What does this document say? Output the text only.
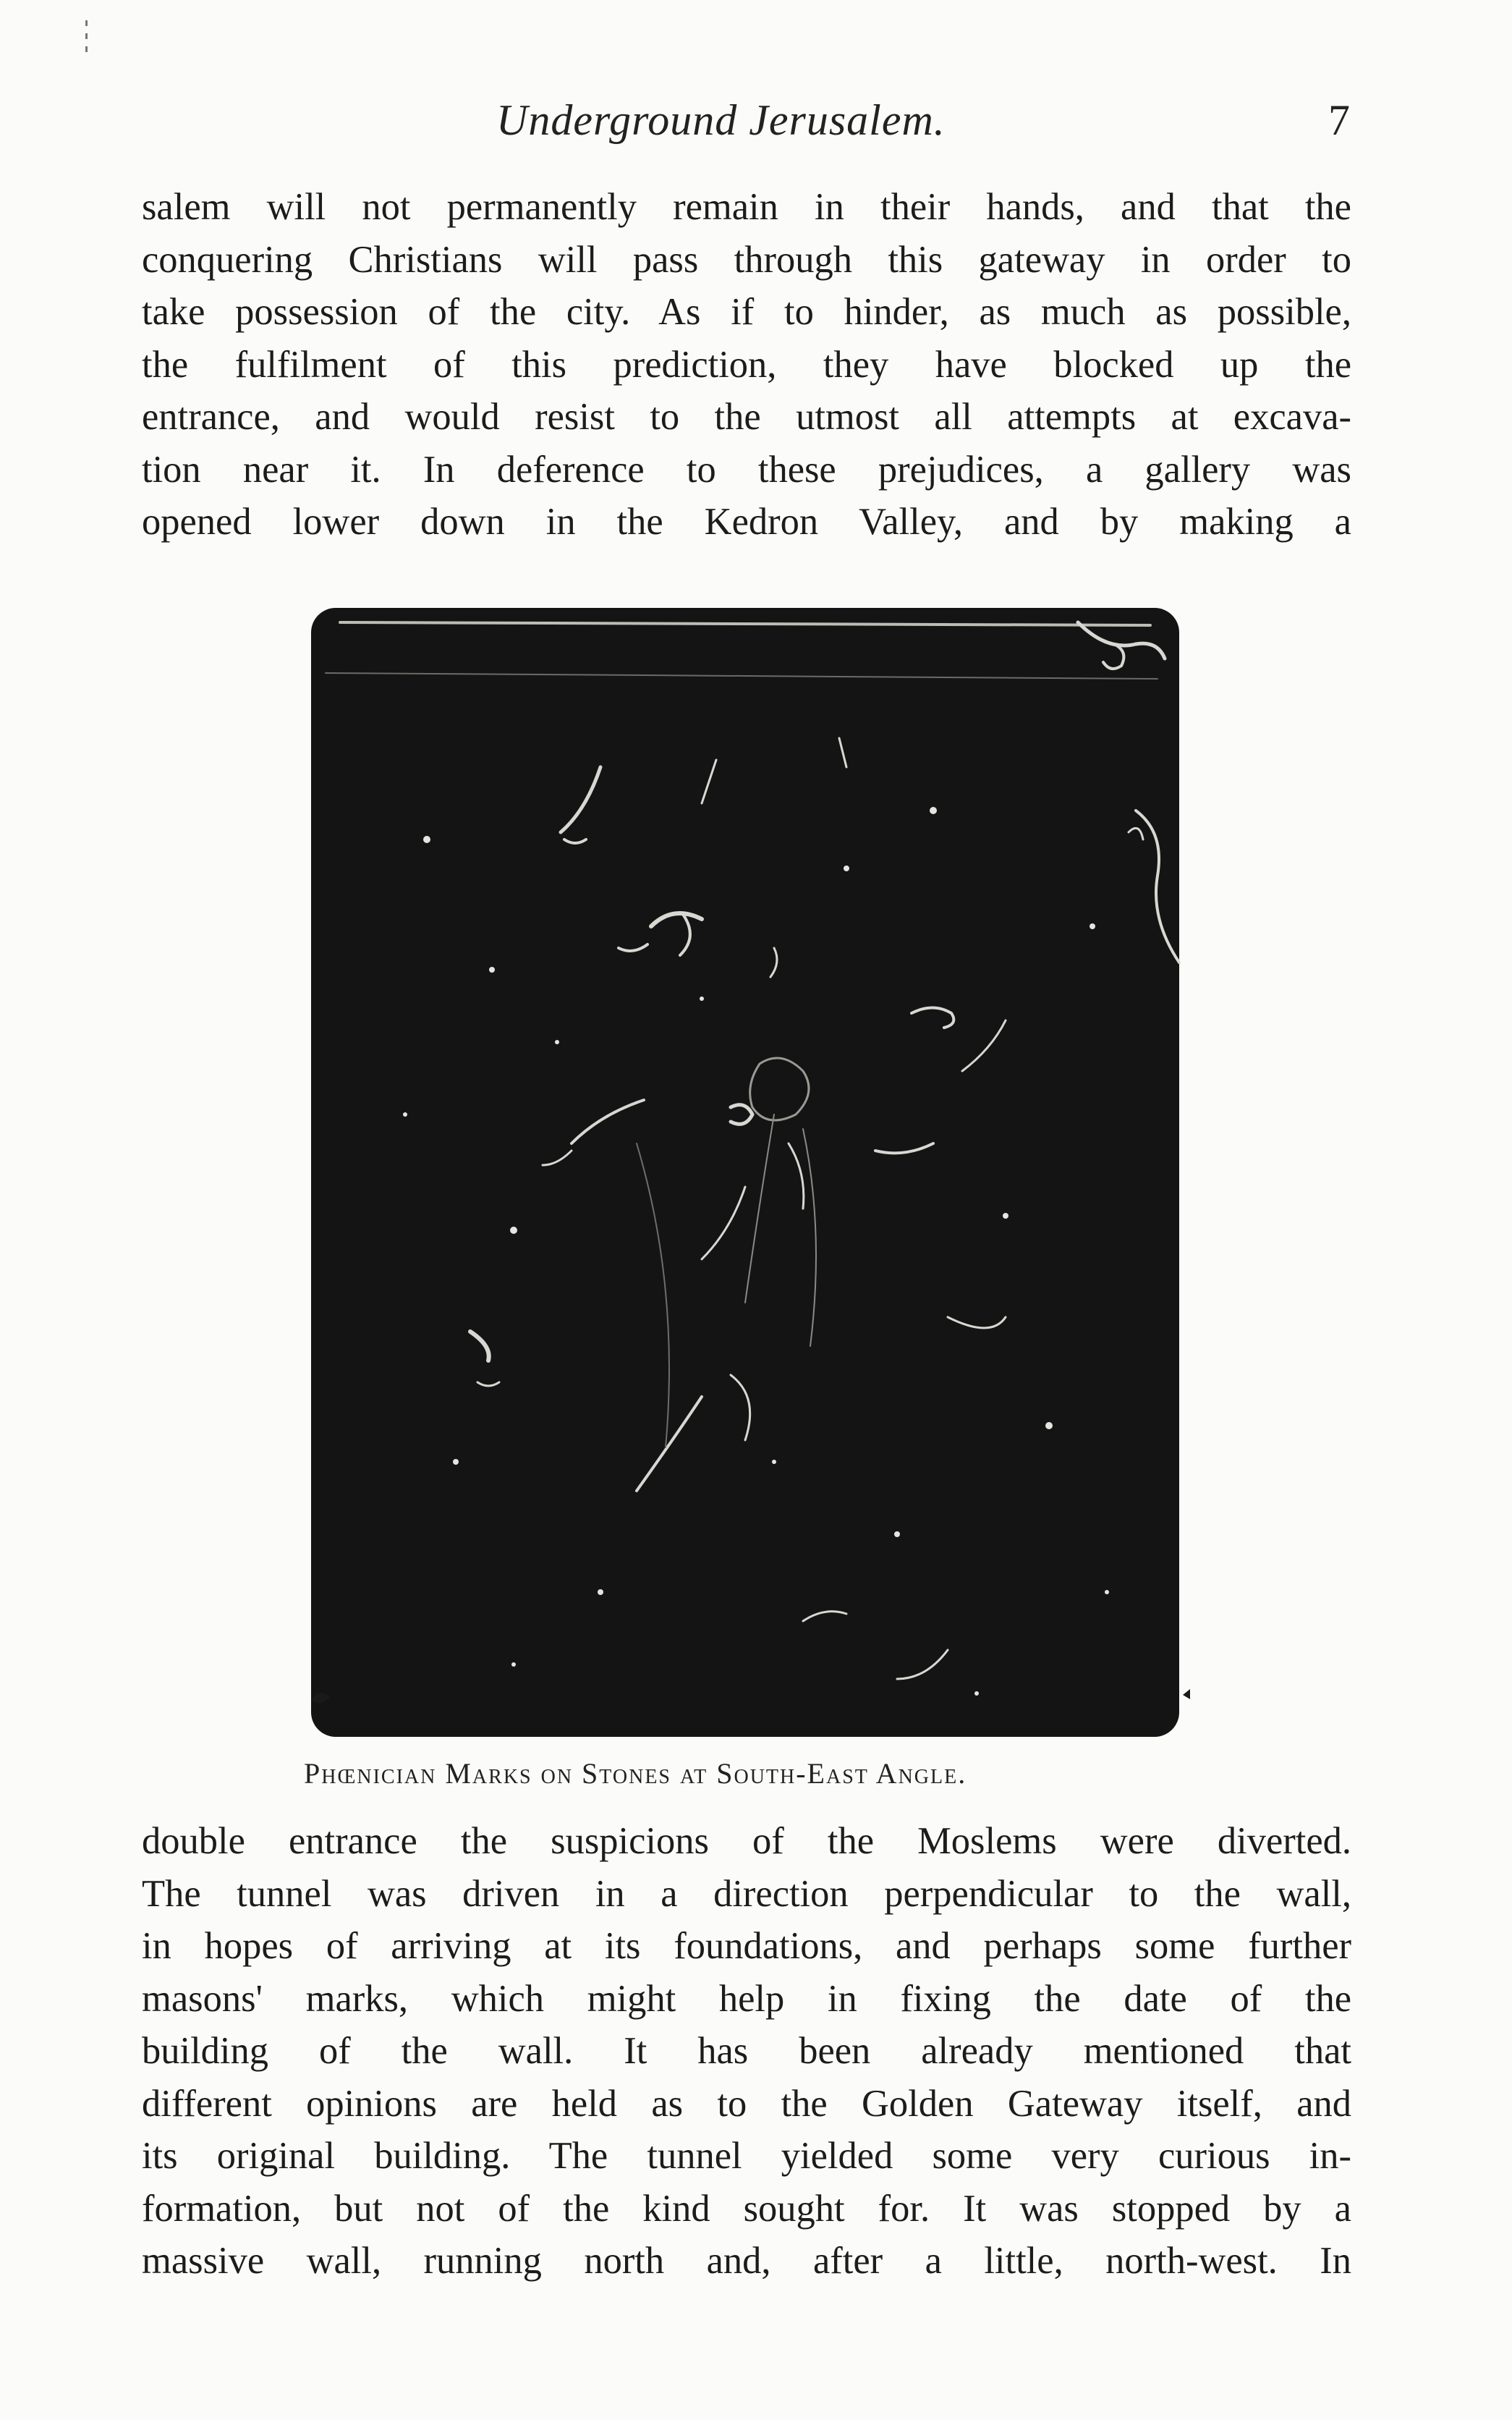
Underground Jerusalem.	7
salem will not permanently remain in their hands, and that the
conquering Christians will pass through this gateway in order to
take possession of the city. As if to hinder, as much as possible,
the fulfilment of this prediction, they have blocked up the
entrance, and would resist to the utmost all attempts at excava-
tion near it. In deference to these prejudices, a gallery was
opened lower down in the Kedron Valley, and by making a
Phœnician Marks on Stones at South-East Angle.
double entrance the suspicions of the Moslems were diverted.
The tunnel was driven in a direction perpendicular to the wall,
in hopes of arriving at its foundations, and perhaps some further
masons' marks, which might help in fixing the date of the
building of the wall. It has been already mentioned that
different opinions are held as to the Golden Gateway itself, and
its original building. The tunnel yielded some very curious in-
formation, but not of the kind sought for. It was stopped by a
massive wall, running north and, after a little, north-west. In
